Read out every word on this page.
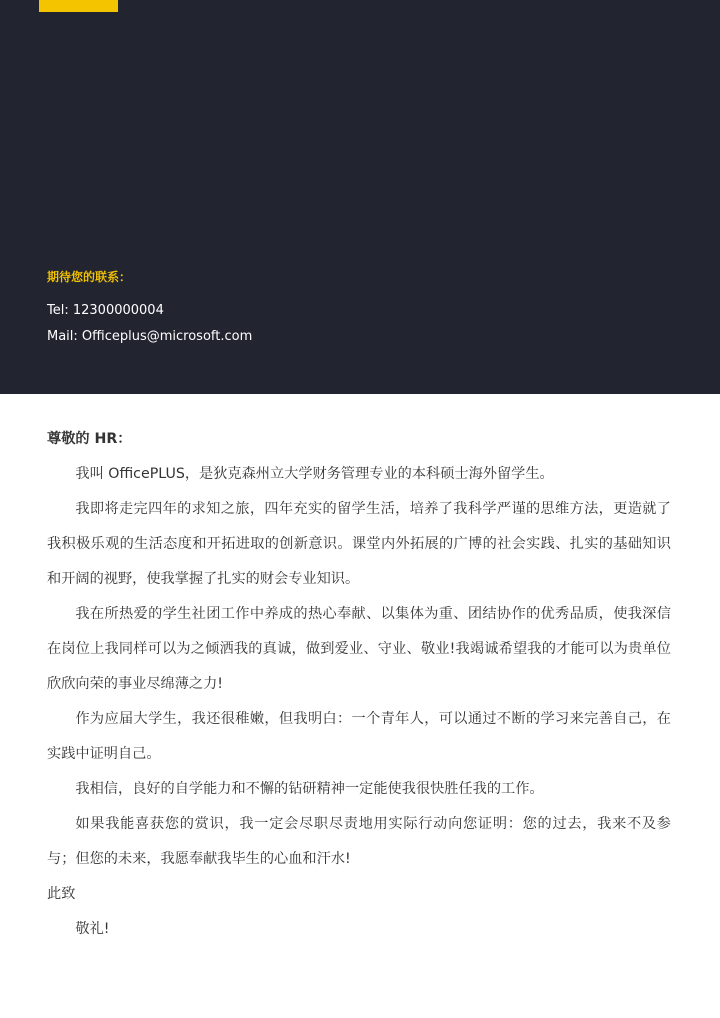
期待您的联系：
Tel: 12300000004
Mail: Officeplus@microsoft.com

尊敬的 HR：

我叫 OfficePLUS，是狄克森州立大学财务管理专业的本科硕士海外留学生。

我即将走完四年的求知之旅，四年充实的留学生活，培养了我科学严谨的思维方法，更造就了我积极乐观的生活态度和开拓进取的创新意识。课堂内外拓展的广博的社会实践、扎实的基础知识和开阔的视野，使我掌握了扎实的财会专业知识。

我在所热爱的学生社团工作中养成的热心奉献、以集体为重、团结协作的优秀品质，使我深信在岗位上我同样可以为之倾洒我的真诚，做到爱业、守业、敬业!我竭诚希望我的才能可以为贵单位欣欣向荣的事业尽绵薄之力!

作为应届大学生，我还很稚嫩，但我明白：一个青年人，可以通过不断的学习来完善自己，在实践中证明自己。

我相信，良好的自学能力和不懈的钻研精神一定能使我很快胜任我的工作。

如果我能喜获您的赏识，我一定会尽职尽责地用实际行动向您证明：您的过去，我来不及参与；但您的未来，我愿奉献我毕生的心血和汗水!

此致

敬礼!
